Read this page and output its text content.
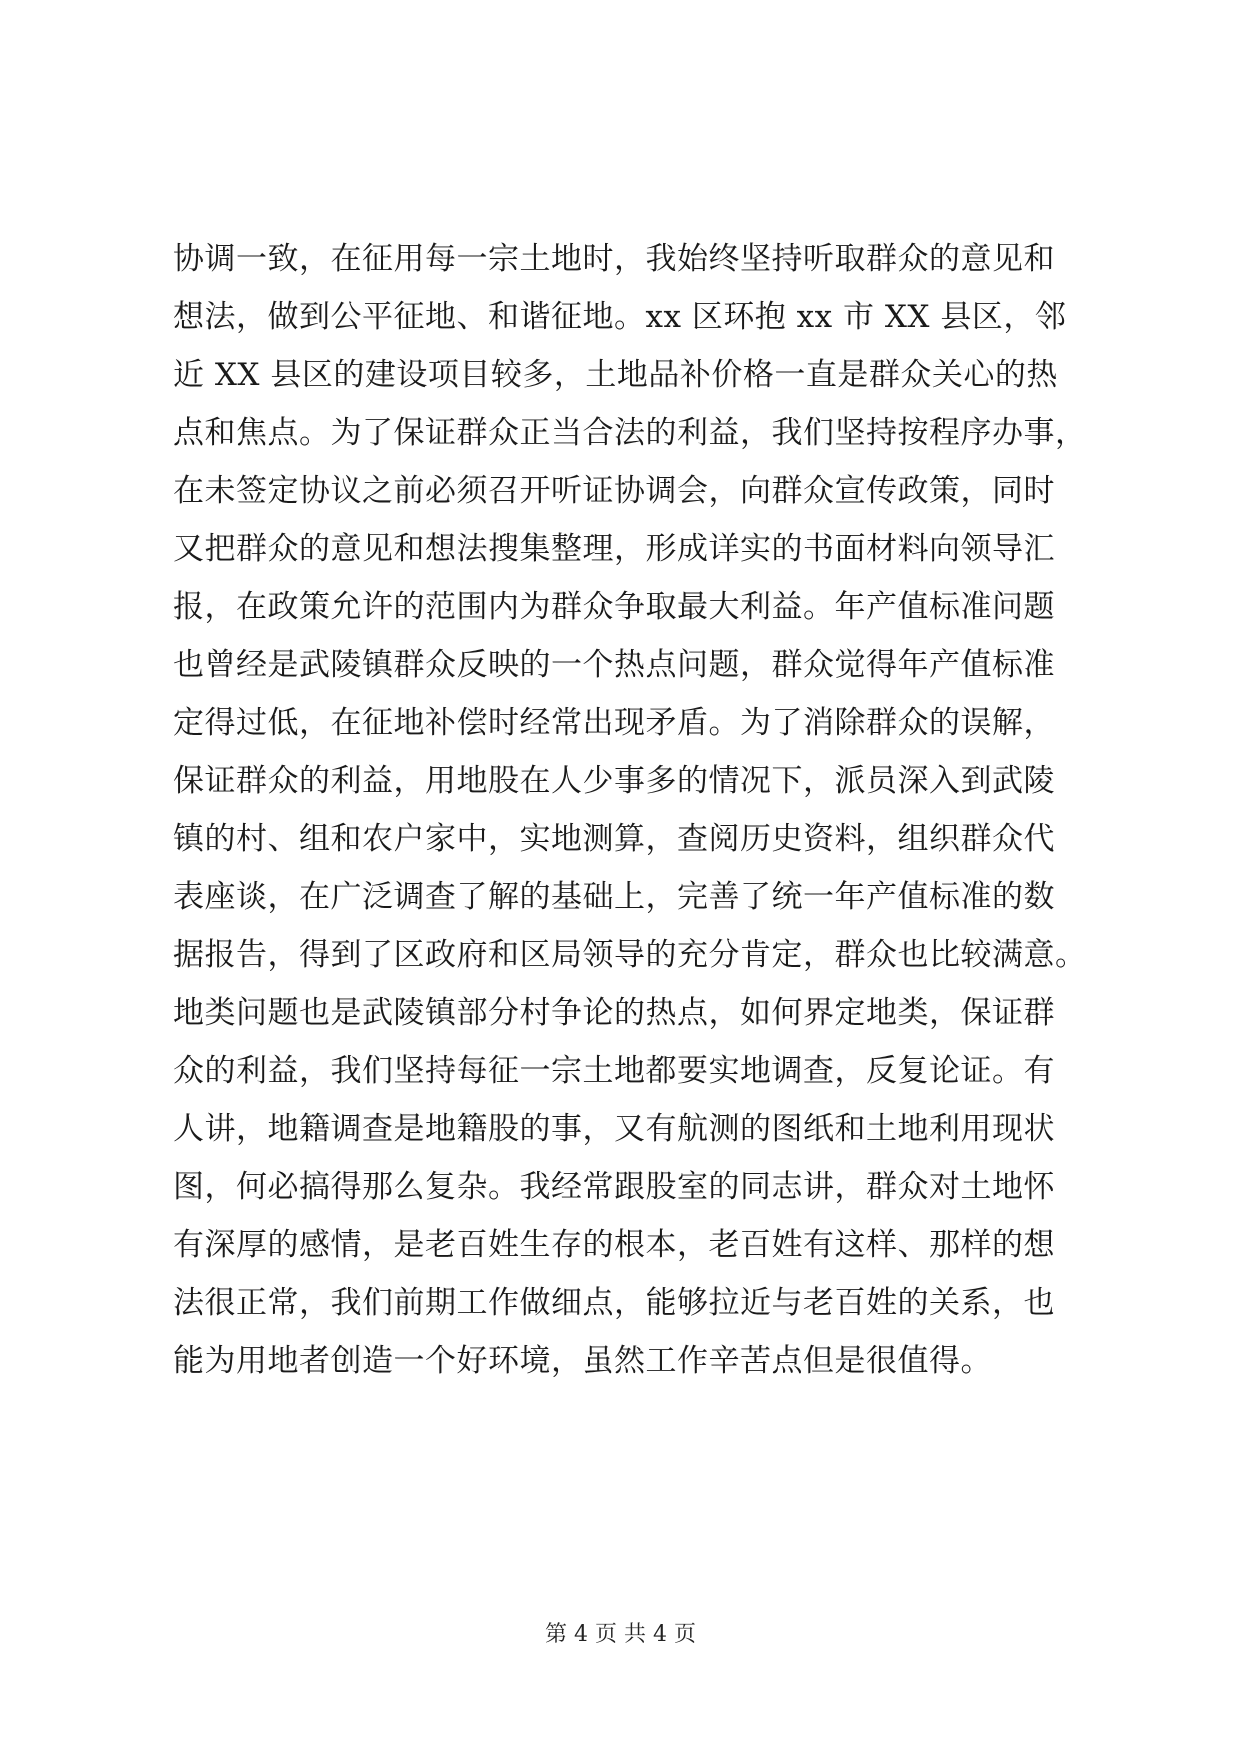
协调一致，在征用每一宗土地时，我始终坚持听取群众的意见和
想法，做到公平征地、和谐征地。xx 区环抱 xx 市 XX 县区，邻
近 XX 县区的建设项目较多，土地品补价格一直是群众关心的热
点和焦点。为了保证群众正当合法的利益，我们坚持按程序办事，
在未签定协议之前必须召开听证协调会，向群众宣传政策，同时
又把群众的意见和想法搜集整理，形成详实的书面材料向领导汇
报，在政策允许的范围内为群众争取最大利益。年产值标准问题
也曾经是武陵镇群众反映的一个热点问题，群众觉得年产值标准
定得过低，在征地补偿时经常出现矛盾。为了消除群众的误解，
保证群众的利益，用地股在人少事多的情况下，派员深入到武陵
镇的村、组和农户家中，实地测算，查阅历史资料，组织群众代
表座谈，在广泛调查了解的基础上，完善了统一年产值标准的数
据报告，得到了区政府和区局领导的充分肯定，群众也比较满意。
地类问题也是武陵镇部分村争论的热点，如何界定地类，保证群
众的利益，我们坚持每征一宗土地都要实地调查，反复论证。有
人讲，地籍调查是地籍股的事，又有航测的图纸和土地利用现状
图，何必搞得那么复杂。我经常跟股室的同志讲，群众对土地怀
有深厚的感情，是老百姓生存的根本，老百姓有这样、那样的想
法很正常，我们前期工作做细点，能够拉近与老百姓的关系，也
能为用地者创造一个好环境，虽然工作辛苦点但是很值得。
第 4 页 共 4 页
